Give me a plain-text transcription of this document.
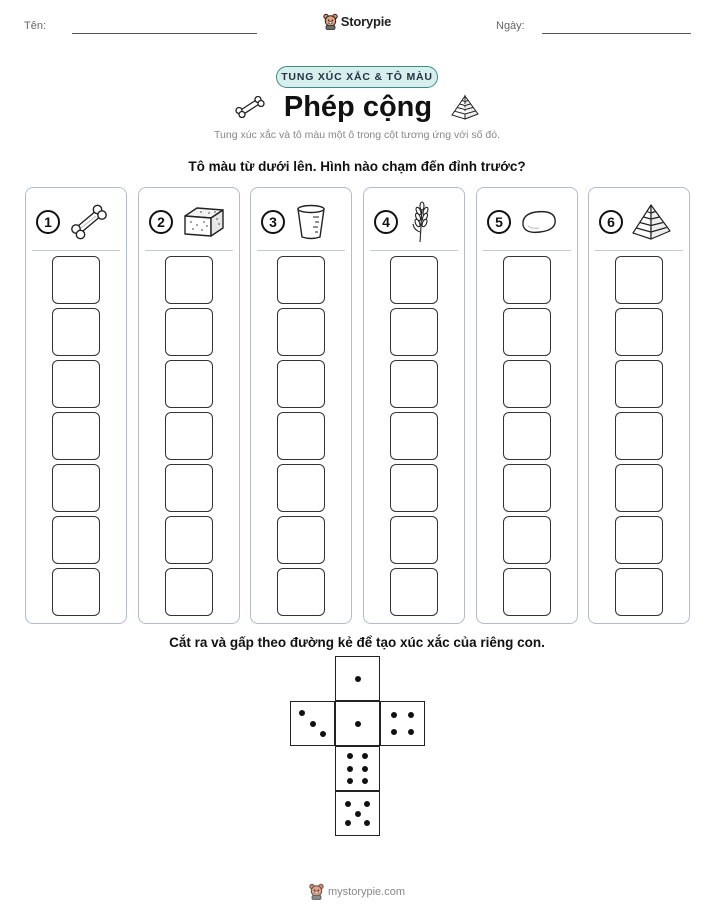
Tên:	Storypie	Ngày:
TUNG XÚC XẮC & TÔ MÀU
Phép cộng
Tung xúc xắc và tô màu một ô trong cột tương ứng với số đó.
Tô màu từ dưới lên. Hình nào chạm đến đỉnh trước?
1	2	3	4	5	6
Cắt ra và gấp theo đường kẻ để tạo xúc xắc của riêng con.
mystorypie.com
